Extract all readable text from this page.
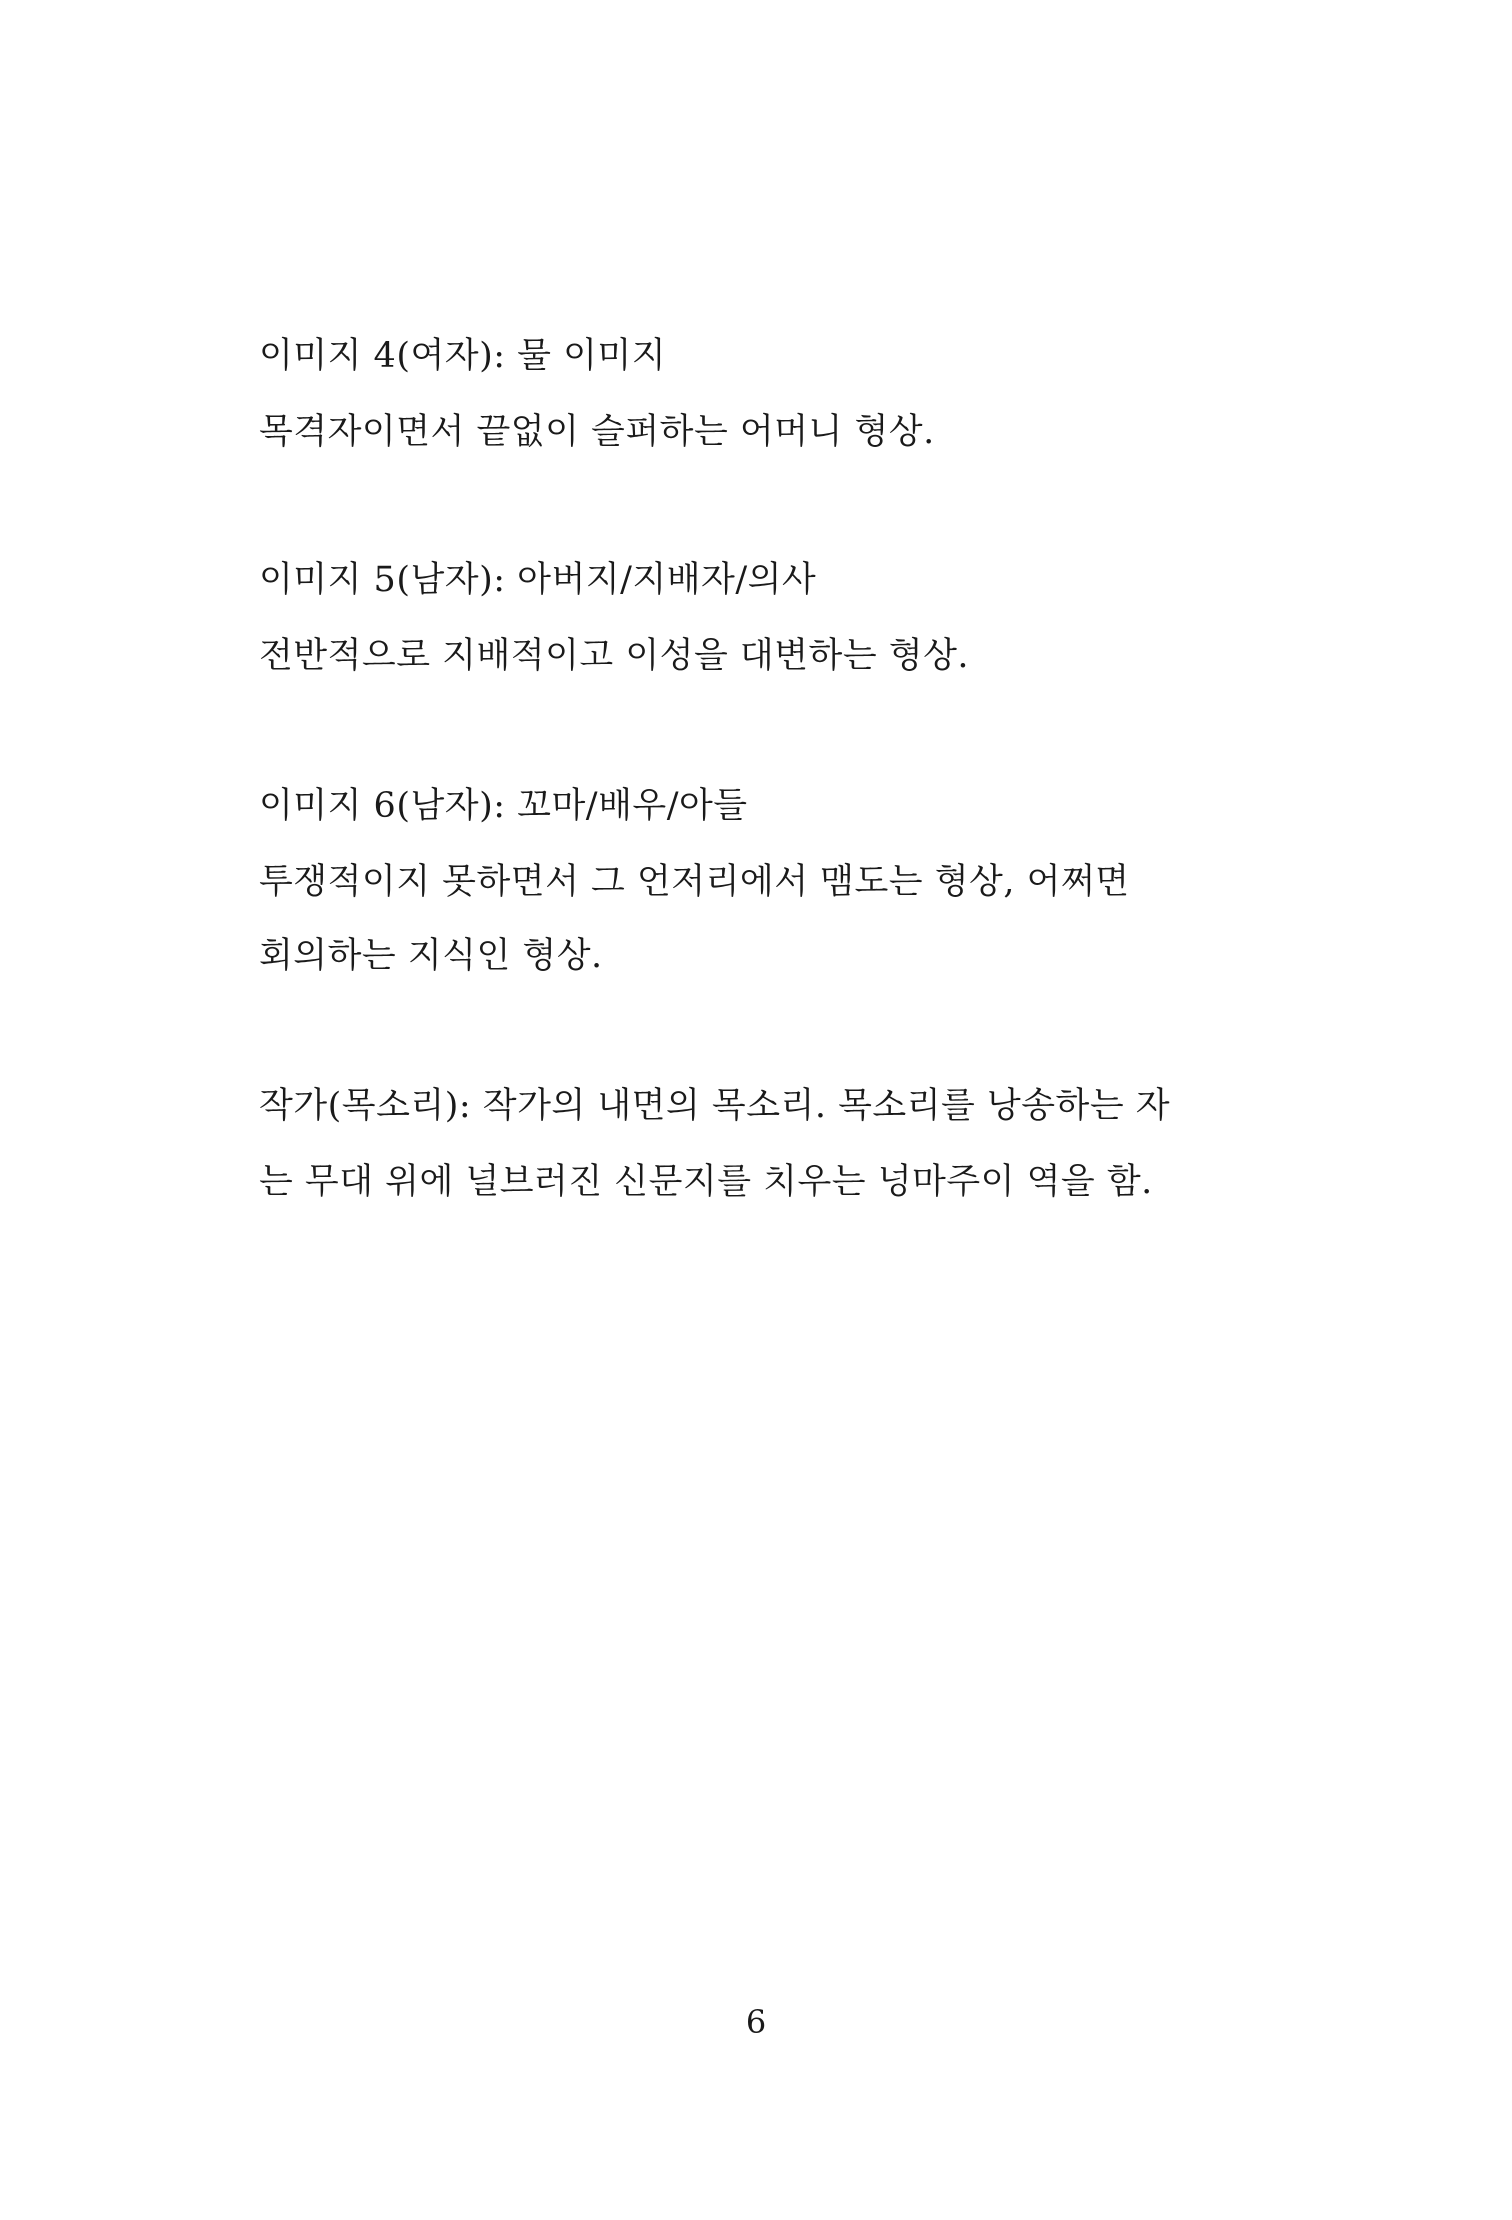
이미지 4(여자): 물 이미지

목격자이면서 끝없이 슬퍼하는 어머니 형상.

이미지 5(남자): 아버지/지배자/의사

전반적으로 지배적이고 이성을 대변하는 형상.

이미지 6(남자): 꼬마/배우/아들

투쟁적이지 못하면서 그 언저리에서 맴도는 형상, 어쩌면

회의하는 지식인 형상.

작가(목소리): 작가의 내면의 목소리. 목소리를 낭송하는 자

는 무대 위에 널브러진 신문지를 치우는 넝마주이 역을 함.

6
